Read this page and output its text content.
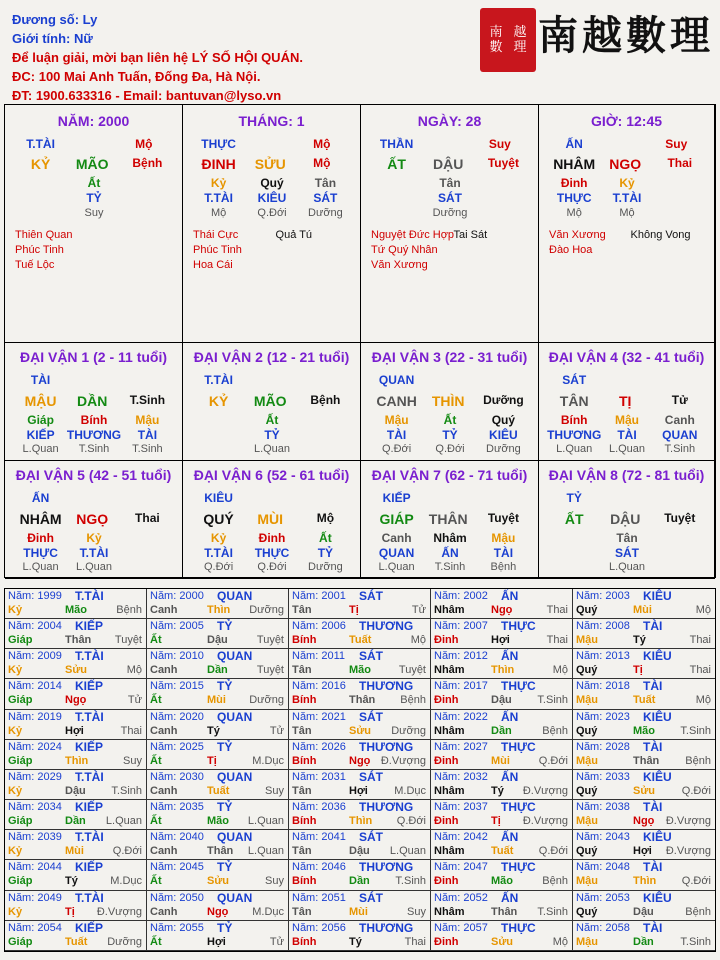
Đương số: Ly
Giới tính: Nữ
Để luận giải, mời bạn liên hệ LÝ SỐ HỘI QUÁN.
ĐC: 100 Mai Anh Tuấn, Đống Đa, Hà Nội.
ĐT: 1900.633316 - Email: bantuvan@lyso.vn
南 越
數 理 南越數理
NĂM: 2000
T.TÀI	Mộ
KỶ MÃO Bệnh
Ất
TỶ
Suy
Thiên Quan
Phúc Tinh
Tuế Lộc
THÁNG: 1
THỰC	Mộ
ĐINH SỬU Mộ
Kỷ	Quý	Tân
T.TÀI KIÊU SÁT
Mộ	Q.Đới Dưỡng
Thái Cực
Phúc Tinh
Hoa Cái
Quả Tú
NGÀY: 28
THẦN	Suy
ẤT DẬU Tuyệt
Tân
SÁT
Dưỡng
Nguyệt Đức Hợp
Tứ Quý Nhân
Văn Xương
Tai Sát
GIỜ: 12:45
ẤN	Suy
NHÂM NGỌ Thai
Đinh	Kỷ
THỰC T.TÀI
Mộ	Mộ
Văn Xương
Đào Hoa
Không Vong
ĐẠI VẬN 1 (2 - 11 tuổi)
TÀI
MẬU DẦN T.Sinh
Giáp Bính Mậu
KIẾP THƯƠNG TÀI
L.Quan T.Sinh T.Sinh
ĐẠI VẬN 2 (12 - 21 tuổi)
T.TÀI
KỶ MÃO Bệnh
Ất
TỶ
L.Quan
ĐẠI VẬN 3 (22 - 31 tuổi)
QUAN
CANH THÌN Dưỡng
Mậu	Ất	Quý
TÀI	TỶ	KIÊU
Q.Đới Q.Đới Dưỡng
ĐẠI VẬN 4 (32 - 41 tuổi)
SÁT
TÂN TỊ	Tử
Bính Mậu Canh
THƯƠNG TÀI QUAN
L.Quan L.Quan T.Sinh
ĐẠI VẬN 5 (42 - 51 tuổi)
ẤN
NHÂM NGỌ Thai
Đinh	Kỷ
THỰC T.TÀI
L.Quan L.Quan
ĐẠI VẬN 6 (52 - 61 tuổi)
KIÊU
QUÝ MÙI	Mộ
Kỷ	Đinh	Ất
T.TÀI THỰC TỶ
Q.Đới Q.Đới Dưỡng
ĐẠI VẬN 7 (62 - 71 tuổi)
KIẾP
GIÁP THÂN Tuyệt
Canh Nhâm Mậu
QUAN ẤN	TÀI
L.Quan T.Sinh Bệnh
ĐẠI VẬN 8 (72 - 81 tuổi)
TỶ
ẤT DẬU Tuyệt
Tân
SÁT
L.Quan
Năm: 1999 T.TÀI
Kỷ	Mão	Bệnh
Năm: 2000 QUAN
Canh	Thìn Dưỡng
Năm: 2001 SÁT
Tân	Tị	Tử
Năm: 2002 ẤN
Nhâm Ngọ	Thai
Năm: 2003 KIÊU
Quý	Mùi	Mộ
Năm: 2004 KIẾP
Giáp	Thân Tuyệt
Năm: 2005 TỶ
Ất	Dậu	Tuyệt
Năm: 2006 THƯƠNG
Bính	Tuất	Mộ
Năm: 2007 THỰC
Đinh	Hợi	Thai
Năm: 2008 TÀI
Mậu	Tý	Thai
Năm: 2009 T.TÀI
Kỷ	Sửu	Mộ
Năm: 2010 QUAN
Canh	Dần	Tuyệt
Năm: 2011 SÁT
Tân	Mão	Tuyệt
Năm: 2012 ẤN
Nhâm Thìn	Mộ
Năm: 2013 KIÊU
Quý	Tị	Thai
Năm: 2014 KIẾP
Giáp	Ngọ	Tử
Năm: 2015 TỶ
Ất	Mùi Dưỡng
Năm: 2016 THƯƠNG
Bính	Thân Bệnh
Năm: 2017 THỰC
Đinh	Dậu T.Sinh
Năm: 2018 TÀI
Mậu	Tuất	Mộ
Năm: 2019 T.TÀI
Kỷ	Hợi	Thai
Năm: 2020 QUAN
Canh	Tý	Tử
Năm: 2021 SÁT
Tân	Sửu Dưỡng
Năm: 2022 ẤN
Nhâm Dần	Bệnh
Năm: 2023 KIÊU
Quý	Mão T.Sinh
Năm: 2024 KIẾP
Giáp	Thìn	Suy
Năm: 2025 TỶ
Ất	Tị	M.Dục
Năm: 2026 THƯƠNG
Bính	Ngọ Đ.Vượng
Năm: 2027 THỰC
Đinh	Mùi	Q.Đới
Năm: 2028 TÀI
Mậu	Thân Bệnh
Năm: 2029 T.TÀI
Kỷ	Dậu T.Sinh
Năm: 2030 QUAN
Canh	Tuất	Suy
Năm: 2031 SÁT
Tân	Hợi M.Dục
Năm: 2032 ẤN
Nhâm Tý Đ.Vượng
Năm: 2033 KIÊU
Quý	Sửu Q.Đới
Năm: 2034 KIẾP
Giáp	Dần L.Quan
Năm: 2035 TỶ
Ất	Mão L.Quan
Năm: 2036 THƯƠNG
Bính	Thìn Q.Đới
Năm: 2037 THỰC
Đinh	Tị Đ.Vượng
Năm: 2038 TÀI
Mậu	Ngọ Đ.Vượng
Năm: 2039 T.TÀI
Kỷ	Mùi	Q.Đới
Năm: 2040 QUAN
Canh	Thân L.Quan
Năm: 2041 SÁT
Tân	Dậu L.Quan
Năm: 2042 ẤN
Nhâm Tuất Q.Đới
Năm: 2043 KIÊU
Quý	Hợi Đ.Vượng
Năm: 2044 KIẾP
Giáp	Tý	M.Dục
Năm: 2045 TỶ
Ất	Sửu	Suy
Năm: 2046 THƯƠNG
Bính	Dần T.Sinh
Năm: 2047 THỰC
Đinh	Mão	Bệnh
Năm: 2048 TÀI
Mậu	Thìn Q.Đới
Năm: 2049 T.TÀI
Kỷ	Tị Đ.Vượng
Năm: 2050 QUAN
Canh	Ngọ M.Dục
Năm: 2051 SÁT
Tân	Mùi	Suy
Năm: 2052 ẤN
Nhâm Thân T.Sinh
Năm: 2053 KIÊU
Quý	Dậu	Bệnh
Năm: 2054 KIẾP
Giáp	Tuất Dưỡng
Năm: 2055 TỶ
Ất	Hợi	Tử
Năm: 2056 THƯƠNG
Bính	Tý	Thai
Năm: 2057 THỰC
Đinh	Sửu	Mộ
Năm: 2058 TÀI
Mậu	Dần T.Sinh
